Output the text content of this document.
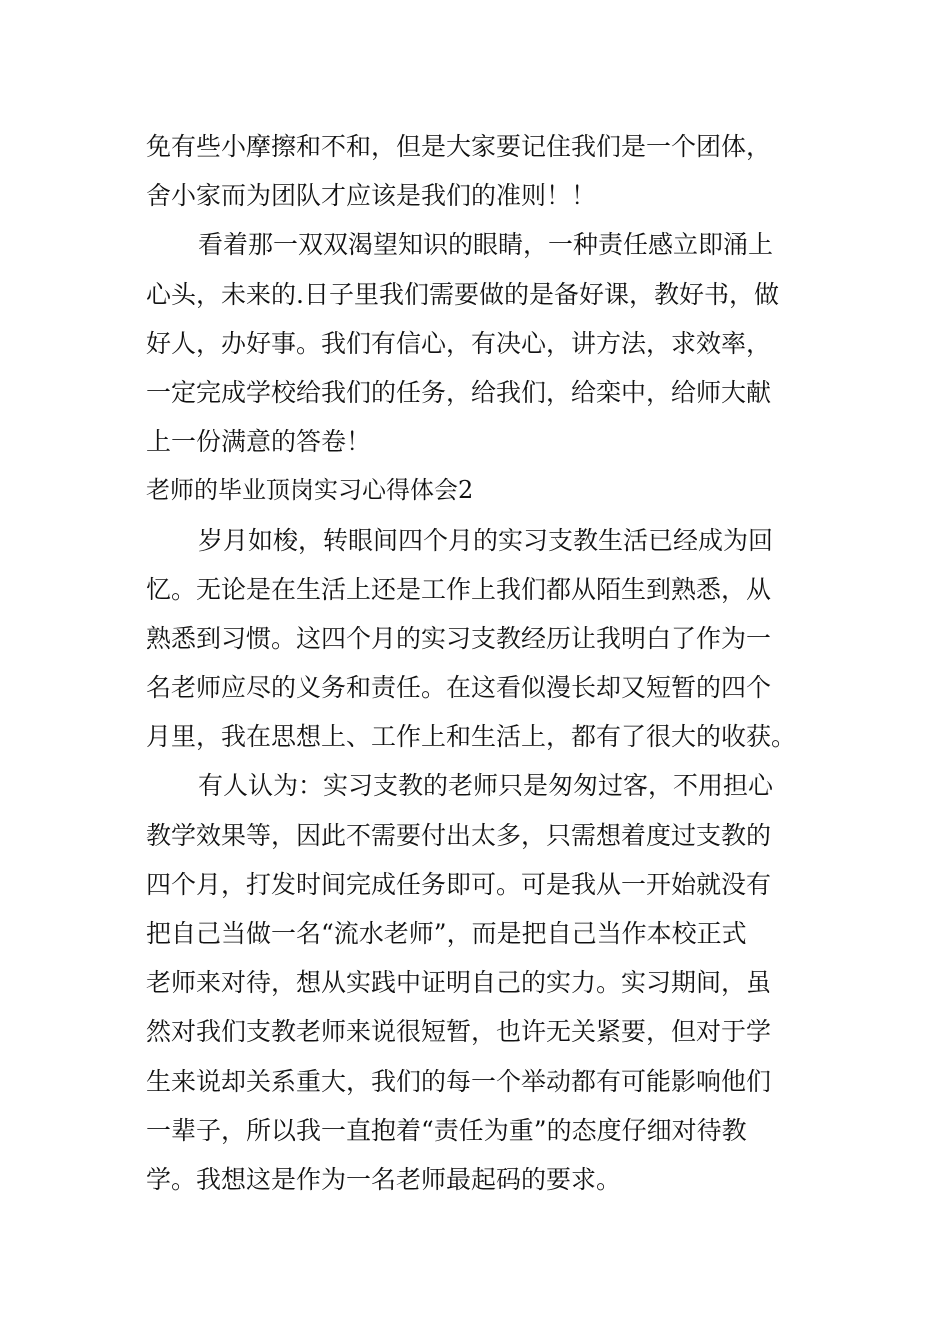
免有些小摩擦和不和，但是大家要记住我们是一个团体，
舍小家而为团队才应该是我们的准则！！
看着那一双双渴望知识的眼睛，一种责任感立即涌上
心头，未来的.日子里我们需要做的是备好课，教好书，做
好人，办好事。我们有信心，有决心，讲方法，求效率，
一定完成学校给我们的任务，给我们，给栾中，给师大献
上一份满意的答卷！
老师的毕业顶岗实习心得体会2
岁月如梭，转眼间四个月的实习支教生活已经成为回
忆。无论是在生活上还是工作上我们都从陌生到熟悉，从
熟悉到习惯。这四个月的实习支教经历让我明白了作为一
名老师应尽的义务和责任。在这看似漫长却又短暂的四个
月里，我在思想上、工作上和生活上，都有了很大的收获。
有人认为：实习支教的老师只是匆匆过客，不用担心
教学效果等，因此不需要付出太多，只需想着度过支教的
四个月，打发时间完成任务即可。可是我从一开始就没有
把自己当做一名“流水老师”，而是把自己当作本校正式
老师来对待，想从实践中证明自己的实力。实习期间，虽
然对我们支教老师来说很短暂，也许无关紧要，但对于学
生来说却关系重大，我们的每一个举动都有可能影响他们
一辈子，所以我一直抱着“责任为重”的态度仔细对待教
学。我想这是作为一名老师最起码的要求。
